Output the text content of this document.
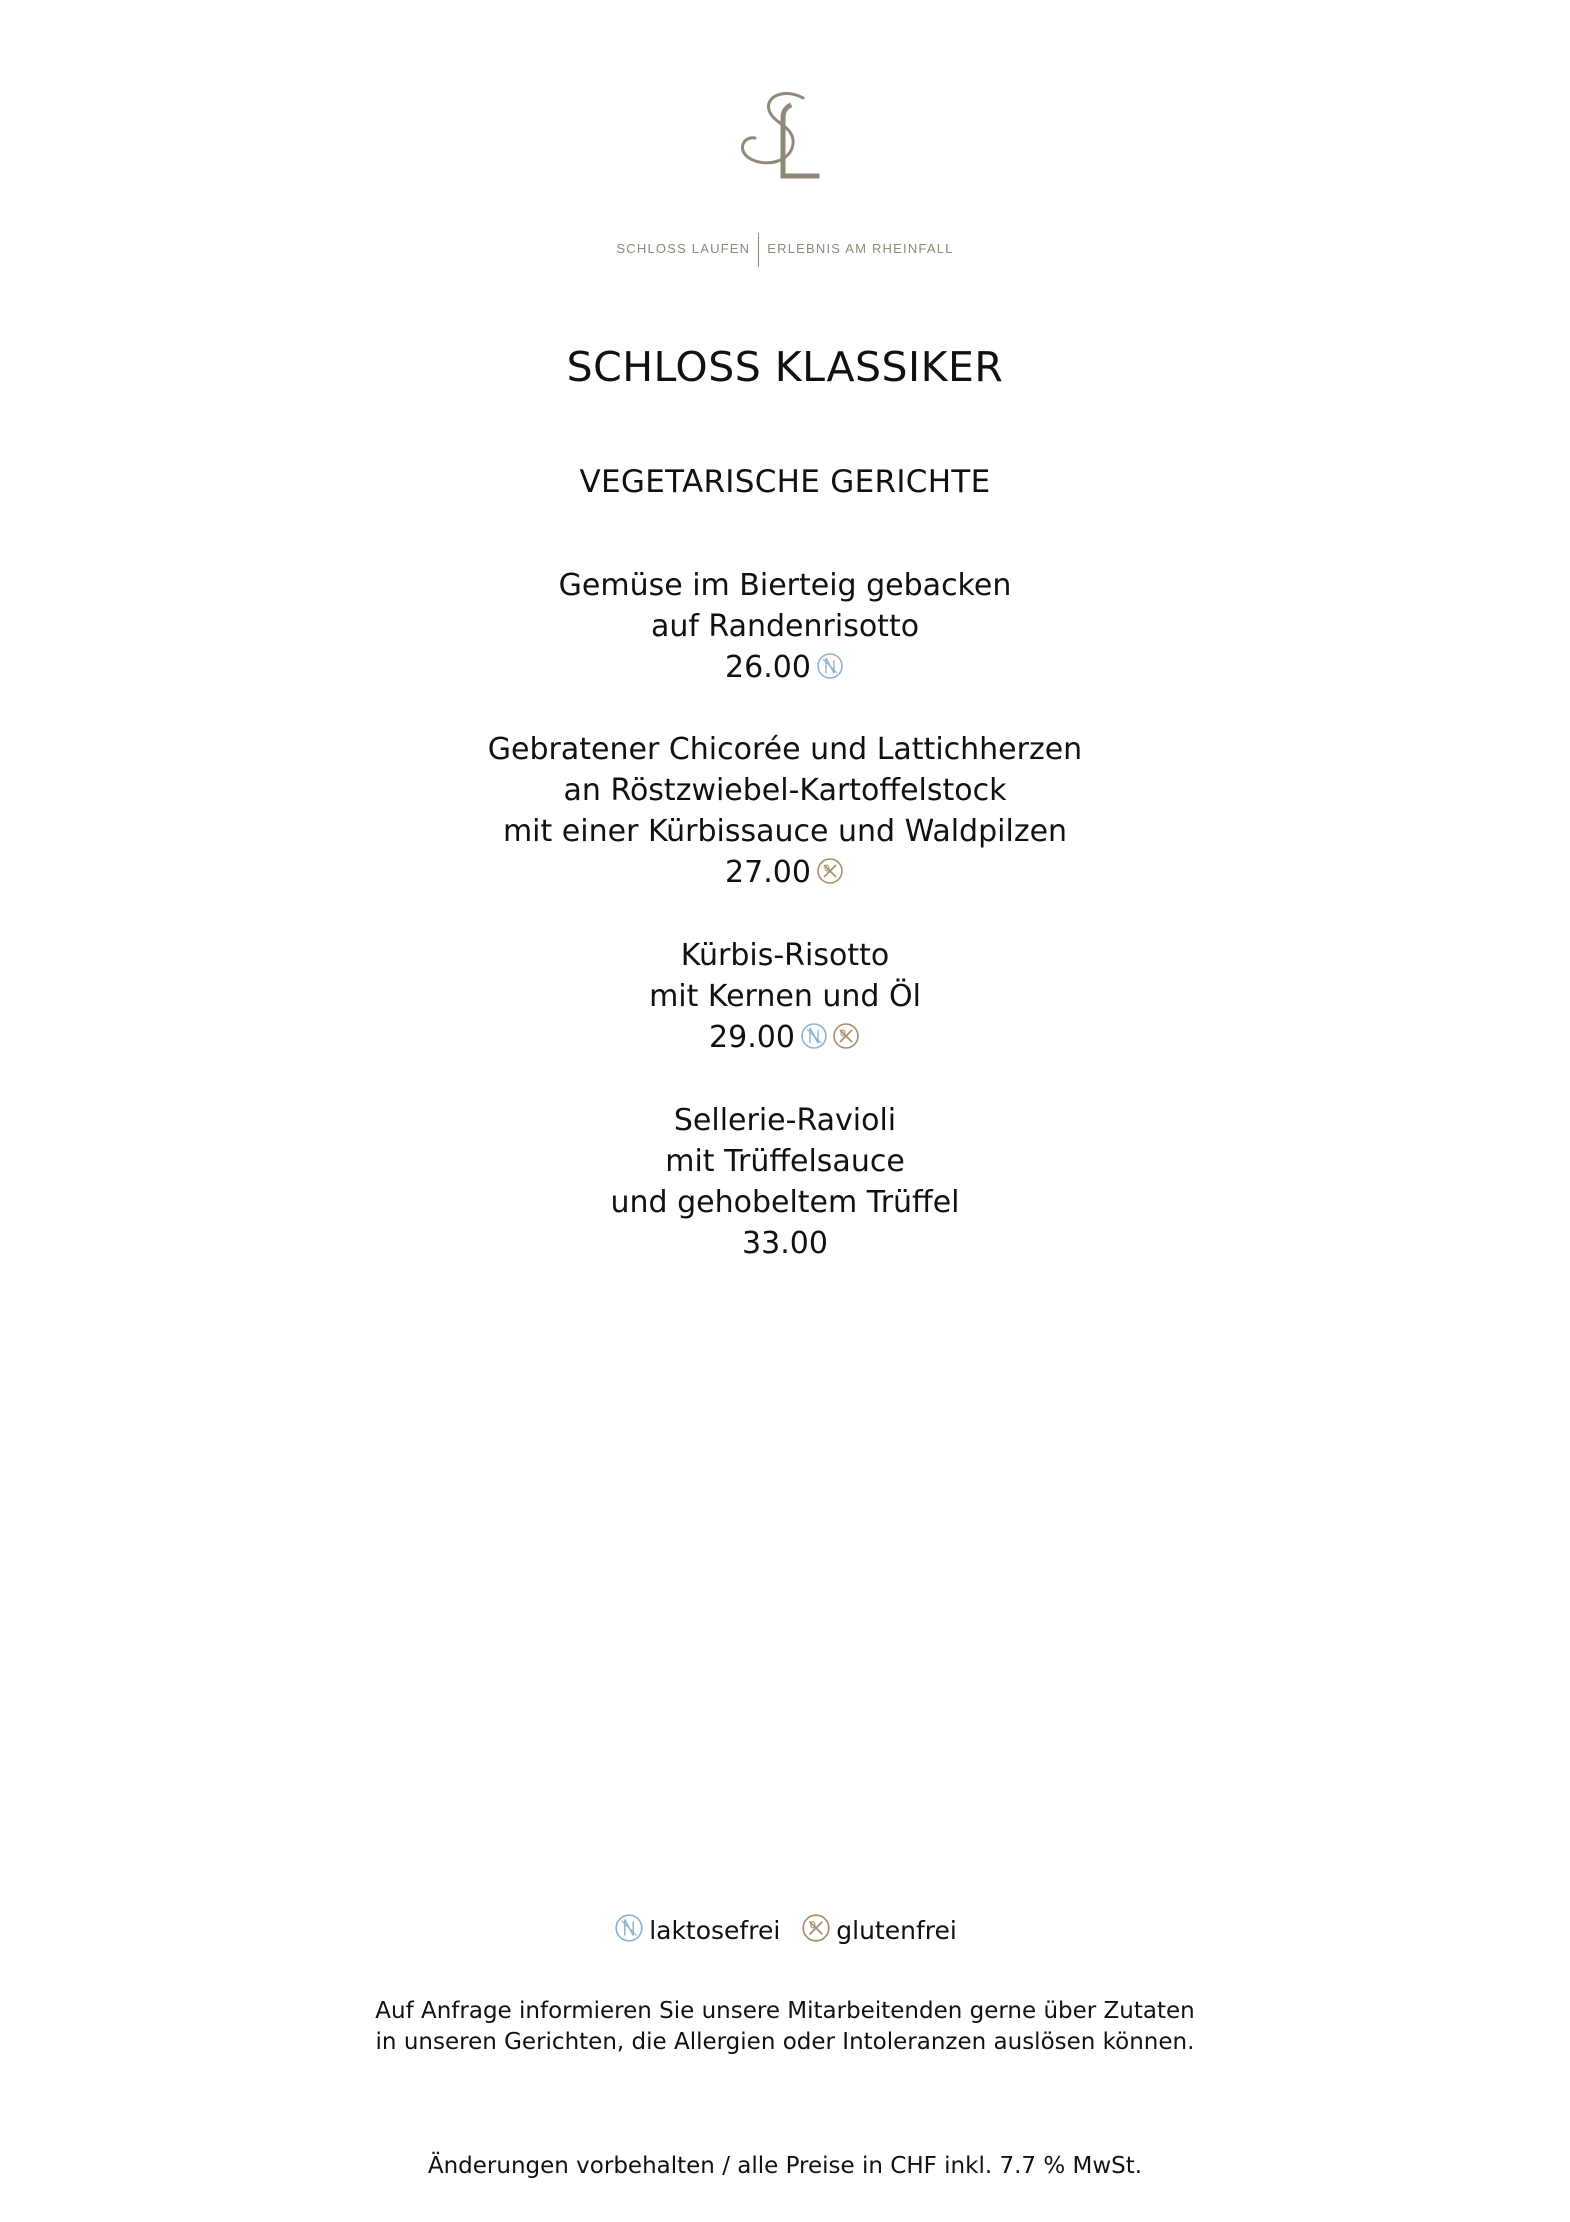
SCHLOSS LAUFEN ERLEBNIS AM RHEINFALL
SCHLOSS KLASSIKER
VEGETARISCHE GERICHTE
Gemüse im Bierteig gebacken
auf Randenrisotto
26.00
Gebratener Chicorée und Lattichherzen
an Röstzwiebel-Kartoffelstock
mit einer Kürbissauce und Waldpilzen
27.00
Kürbis-Risotto
mit Kernen und Öl
29.00
Sellerie-Ravioli
mit Trüffelsauce
und gehobeltem Trüffel
33.00
laktosefrei glutenfrei
Auf Anfrage informieren Sie unsere Mitarbeitenden gerne über Zutaten
in unseren Gerichten, die Allergien oder Intoleranzen auslösen können.
Änderungen vorbehalten / alle Preise in CHF inkl. 7.7 % MwSt.
